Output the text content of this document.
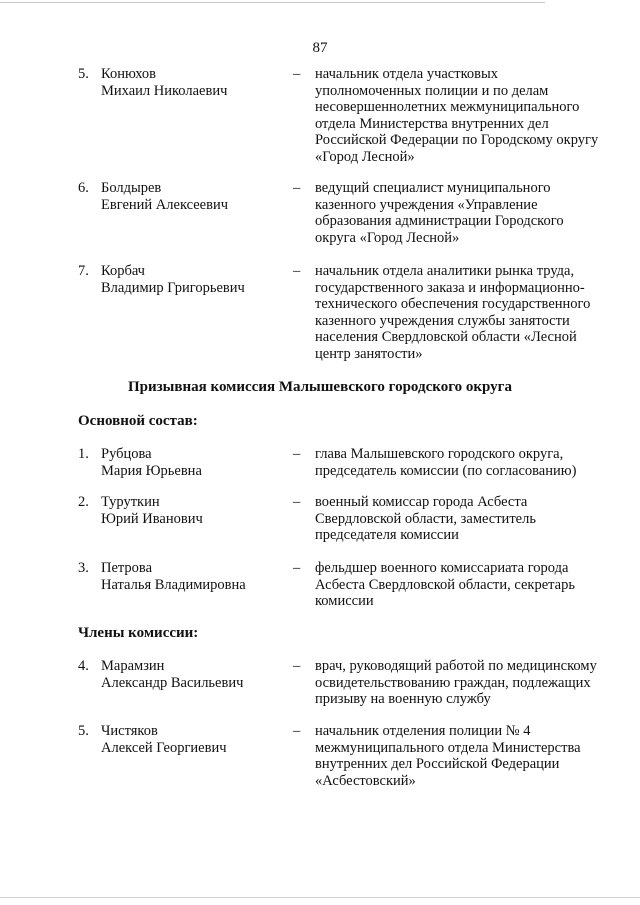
87
5. Конюхов
Михаил Николаевич
– начальник отдела участковых
уполномоченных полиции и по делам
несовершеннолетних межмуниципального
отдела Министерства внутренних дел
Российской Федерации по Городскому округу
«Город Лесной»
6. Болдырев
Евгений Алексеевич
– ведущий специалист муниципального
казенного учреждения «Управление
образования администрации Городского
округа «Город Лесной»
7. Корбач
Владимир Григорьевич
– начальник отдела аналитики рынка труда,
государственного заказа и информационно-
технического обеспечения государственного
казенного учреждения службы занятости
населения Свердловской области «Лесной
центр занятости»
Призывная комиссия Малышевского городского округа
Основной состав:
1. Рубцова
Мария Юрьевна
– глава Малышевского городского округа,
председатель комиссии (по согласованию)
2. Туруткин
Юрий Иванович
– военный комиссар города Асбеста
Свердловской области, заместитель
председателя комиссии
3. Петрова
Наталья Владимировна
– фельдшер военного комиссариата города
Асбеста Свердловской области, секретарь
комиссии
Члены комиссии:
4. Марамзин
Александр Васильевич
– врач, руководящий работой по медицинскому
освидетельствованию граждан, подлежащих
призыву на военную службу
5. Чистяков
Алексей Георгиевич
– начальник отделения полиции № 4
межмуниципального отдела Министерства
внутренних дел Российской Федерации
«Асбестовский»
